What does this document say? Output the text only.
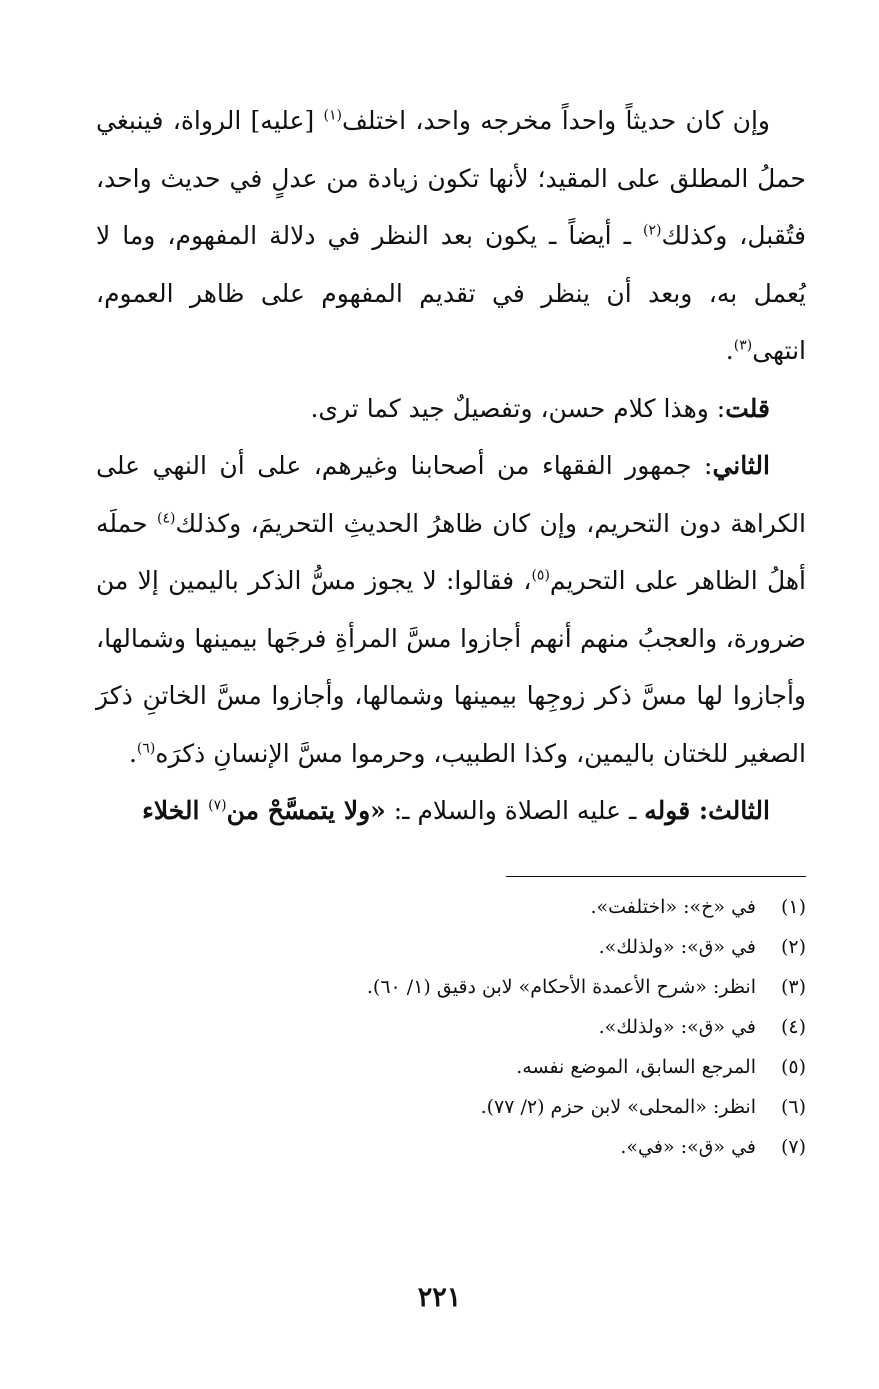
وإن كان حديثاً واحداً مخرجه واحد، اختلف$^{(١)}$ [عليه] الرواة، فينبغي حملُ المطلق على المقيد؛ لأنها تكون زيادة من عدلٍ في حديث واحد، فتُقبل، وكذلك$^{(٢)}$ ـ أيضاً ـ يكون بعد النظر في دلالة المفهوم، وما لا يُعمل به، وبعد أن ينظر في تقديم المفهوم على ظاهر العموم، انتهى$^{(٣)}$.

قلت: وهذا كلام حسن، وتفصيلٌ جيد كما ترى.

الثاني: جمهور الفقهاء من أصحابنا وغيرهم، على أن النهي على الكراهة دون التحريم، وإن كان ظاهرُ الحديثِ التحريمَ، وكذلك$^{(٤)}$ حملَه أهلُ الظاهر على التحريم$^{(٥)}$، فقالوا: لا يجوز مسُّ الذكر باليمين إلا من ضرورة، والعجبُ منهم أنهم أجازوا مسَّ المرأةِ فرجَها بيمينها وشمالها، وأجازوا لها مسَّ ذكر زوجِها بيمينها وشمالها، وأجازوا مسَّ الخاتنِ ذكرَ الصغير للختان باليمين، وكذا الطبيب، وحرموا مسَّ الإنسانِ ذكرَه$^{(٦)}$.

الثالث: قوله ـ عليه الصلاة والسلام ـ: «ولا يتمسَّحْ من$^{(٧)}$ الخلاء

(١)
في «خ»: «اختلفت».
(٢)
في «ق»: «ولذلك».
(٣)
انظر: «شرح الأعمدة الأحكام» لابن دقيق (١/ ٦٠).
(٤)
في «ق»: «ولذلك».
(٥)
المرجع السابق، الموضع نفسه.
(٦)
انظر: «المحلى» لابن حزم (٢/ ٧٧).
(٧)
في «ق»: «في».
٢٢١
